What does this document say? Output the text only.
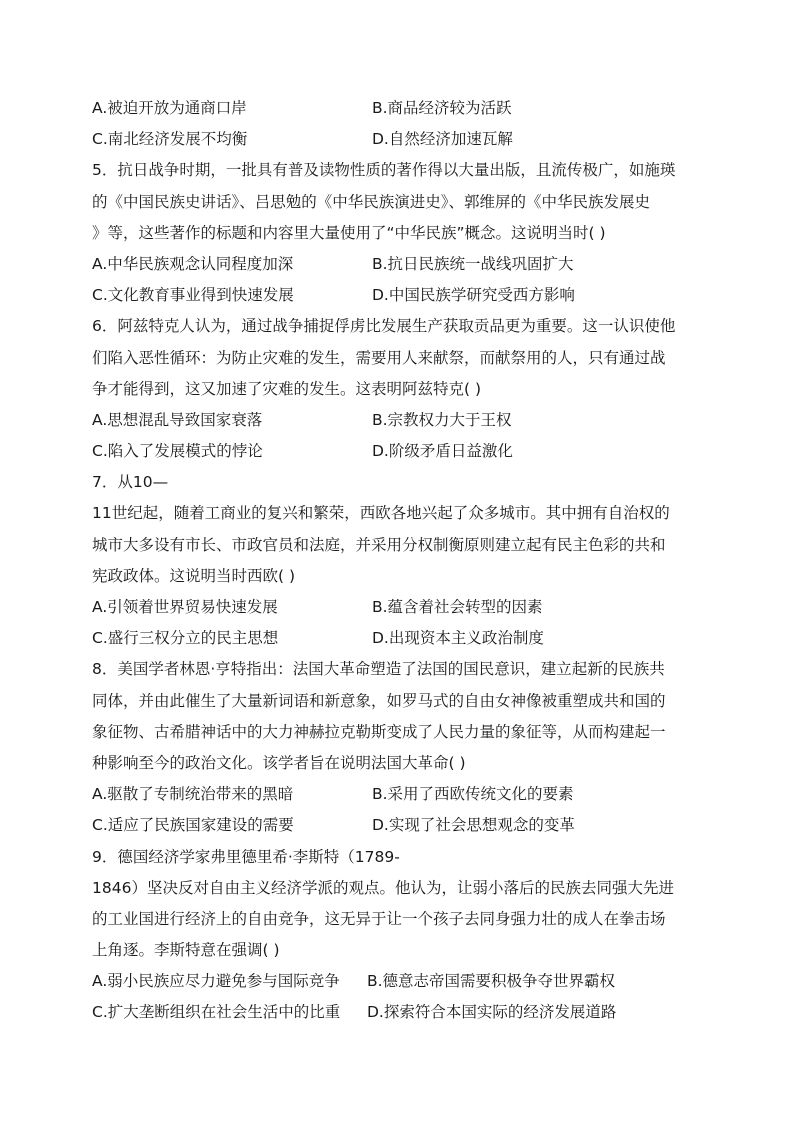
A.被迫开放为通商口岸	B.商品经济较为活跃
C.南北经济发展不均衡	D.自然经济加速瓦解
5．抗日战争时期，一批具有普及读物性质的著作得以大量出版，且流传极广，如施瑛
的《中国民族史讲话》、吕思勉的《中华民族演进史》、郭维屏的《中华民族发展史
》等，这些著作的标题和内容里大量使用了“中华民族”概念。这说明当时( )
A.中华民族观念认同程度加深	B.抗日民族统一战线巩固扩大
C.文化教育事业得到快速发展	D.中国民族学研究受西方影响
6．阿兹特克人认为，通过战争捕捉俘虏比发展生产获取贡品更为重要。这一认识使他
们陷入恶性循环：为防止灾难的发生，需要用人来献祭，而献祭用的人，只有通过战
争才能得到，这又加速了灾难的发生。这表明阿兹特克( )
A.思想混乱导致国家衰落	B.宗教权力大于王权
C.陷入了发展模式的悖论	D.阶级矛盾日益激化
7．从10—
11世纪起，随着工商业的复兴和繁荣，西欧各地兴起了众多城市。其中拥有自治权的
城市大多设有市长、市政官员和法庭，并采用分权制衡原则建立起有民主色彩的共和
宪政政体。这说明当时西欧( )
A.引领着世界贸易快速发展	B.蕴含着社会转型的因素
C.盛行三权分立的民主思想	D.出现资本主义政治制度
8．美国学者林恩·亨特指出：法国大革命塑造了法国的国民意识，建立起新的民族共
同体，并由此催生了大量新词语和新意象，如罗马式的自由女神像被重塑成共和国的
象征物、古希腊神话中的大力神赫拉克勒斯变成了人民力量的象征等，从而构建起一
种影响至今的政治文化。该学者旨在说明法国大革命( )
A.驱散了专制统治带来的黑暗	B.采用了西欧传统文化的要素
C.适应了民族国家建设的需要	D.实现了社会思想观念的变革
9．德国经济学家弗里德里希·李斯特（1789-
1846）坚决反对自由主义经济学派的观点。他认为，让弱小落后的民族去同强大先进
的工业国进行经济上的自由竞争，这无异于让一个孩子去同身强力壮的成人在拳击场
上角逐。李斯特意在强调( )
A.弱小民族应尽力避免参与国际竞争	B.德意志帝国需要积极争夺世界霸权
C.扩大垄断组织在社会生活中的比重	D.探索符合本国实际的经济发展道路
